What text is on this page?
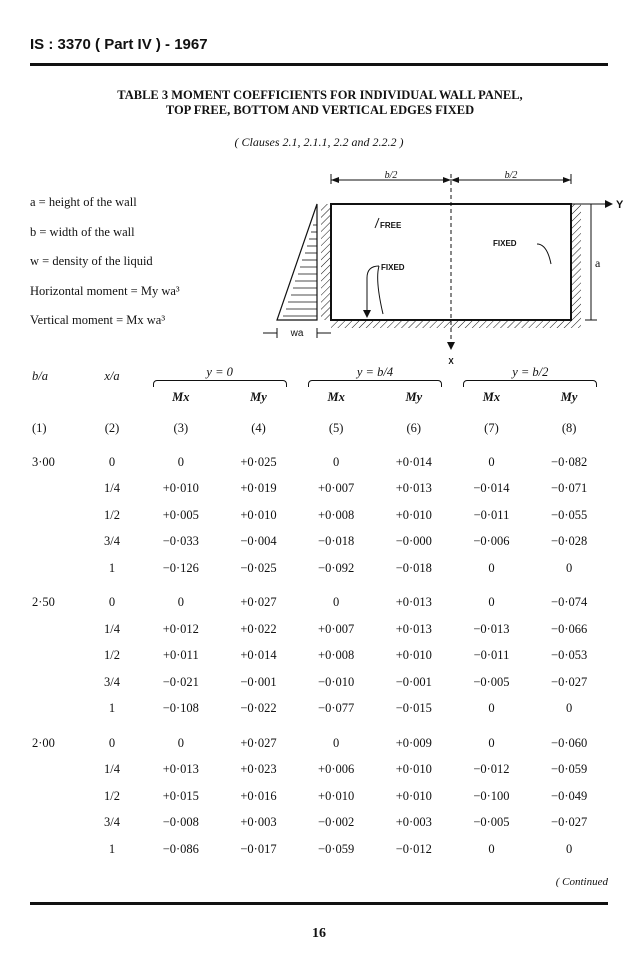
IS : 3370 ( Part IV ) - 1967
TABLE 3 MOMENT COEFFICIENTS FOR INDIVIDUAL WALL PANEL,
TOP FREE, BOTTOM AND VERTICAL EDGES FIXED
( Clauses 2.1, 2.1.1, 2.2 and 2.2.2 )
a = height of the wall
b = width of the wall
w = density of the liquid
Horizontal moment = My wa³
Vertical moment = Mx wa³
wa
X
b/2	b/2
Y
a
FREE
FIXED
FIXED
b/a	x/a	y = 0		y = b/4		y = b/2	

		Mx	My	Mx	My	Mx	My
(1)	(2)	(3)	(4)	(5)	(6)	(7)	(8)
3·00	0	0	+0·025	0	+0·014	0	−0·082
	1/4	+0·010	+0·019	+0·007	+0·013	−0·014	−0·071
	1/2	+0·005	+0·010	+0·008	+0·010	−0·011	−0·055
	3/4	−0·033	−0·004	−0·018	−0·000	−0·006	−0·028
	1	−0·126	−0·025	−0·092	−0·018	0	0

2·50	0	0	+0·027	0	+0·013	0	−0·074
	1/4	+0·012	+0·022	+0·007	+0·013	−0·013	−0·066
	1/2	+0·011	+0·014	+0·008	+0·010	−0·011	−0·053
	3/4	−0·021	−0·001	−0·010	−0·001	−0·005	−0·027
	1	−0·108	−0·022	−0·077	−0·015	0	0

2·00	0	0	+0·027	0	+0·009	0	−0·060
	1/4	+0·013	+0·023	+0·006	+0·010	−0·012	−0·059
	1/2	+0·015	+0·016	+0·010	+0·010	−0·100	−0·049
	3/4	−0·008	+0·003	−0·002	+0·003	−0·005	−0·027
	1	−0·086	−0·017	−0·059	−0·012	0	0
( Continued
16
